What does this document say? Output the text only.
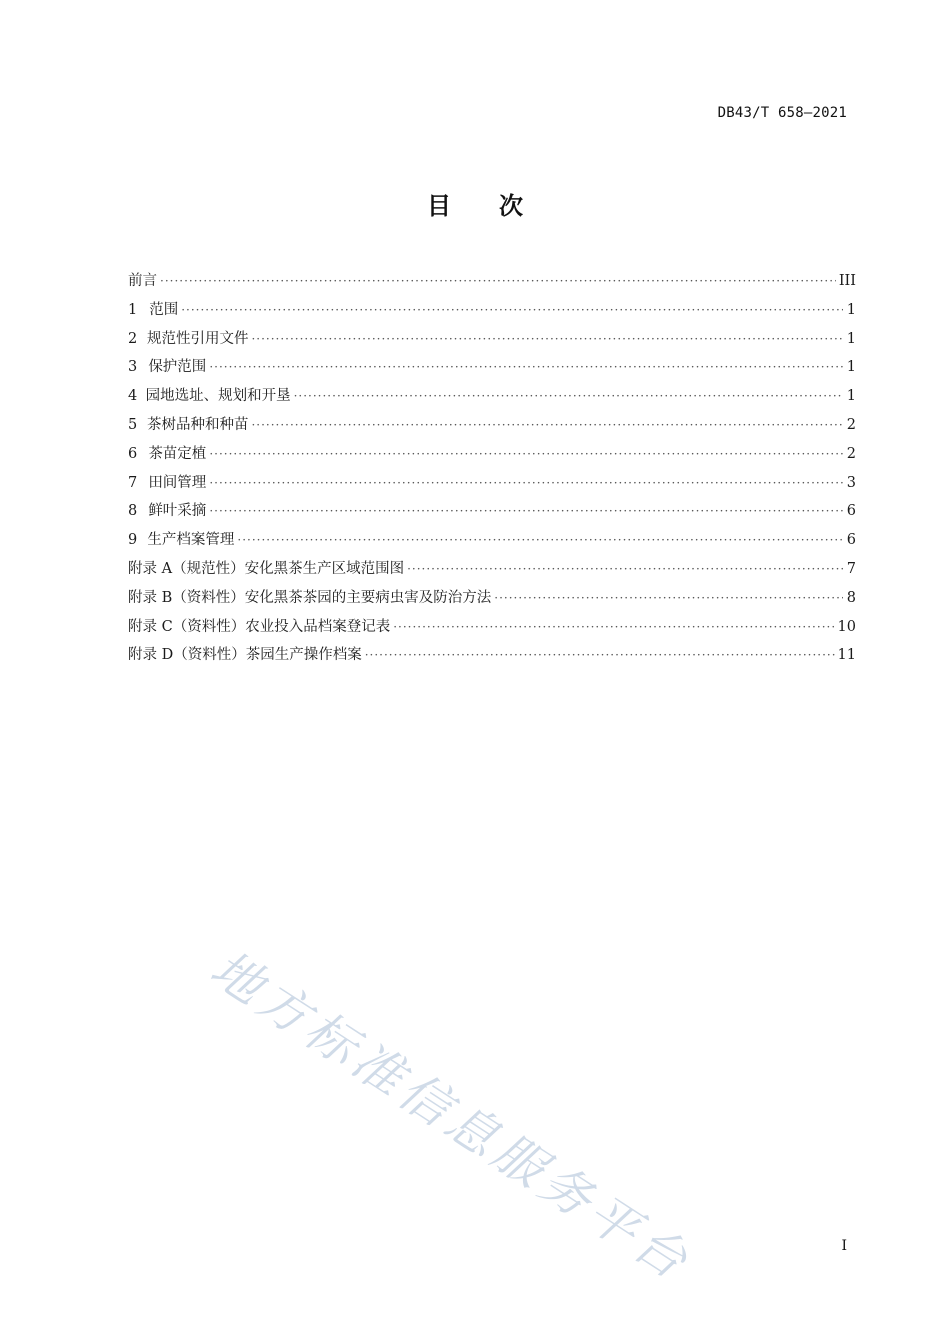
DB43/T 658—2021
目次
前言 ·····	III
1 范围 ·····	1
2 规范性引用文件 ·····	1
3 保护范围 ·····	1
4 园地选址、规划和开垦 ·····	1
5 茶树品种和种苗 ·····	2
6 茶苗定植 ·····	2
7 田间管理 ·····	3
8 鲜叶采摘 ·····	6
9 生产档案管理 ·····	6
附录 A（规范性） 安化黑茶生产区域范围图 ·····	7
附录 B（资料性） 安化黑茶茶园的主要病虫害及防治方法 ·····	8
附录 C（资料性） 农业投入品档案登记表 ·····	10
附录 D（资料性） 茶园生产操作档案 ·····	11
地方标准信息服务平台	I
